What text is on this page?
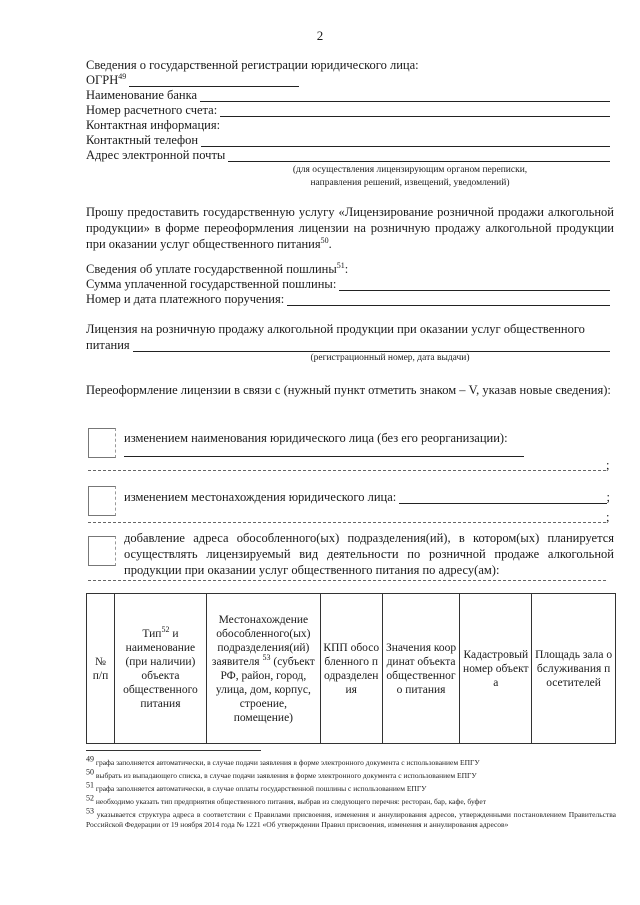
2
Сведения о государственной регистрации юридического лица:
ОГРН$^{49}$
Наименование банка
Номер расчетного счета:
Контактная информация:
Контактный телефон
Адрес электронной почты
(для осуществления лицензирующим органом переписки,
направления решений, извещений, уведомлений)
Прошу предоставить государственную услугу «Лицензирование розничной продажи алкогольной продукции» в форме переоформления лицензии на розничную продажу алкогольной продукции при оказании услуг общественного питания$^{50}$.
Сведения об уплате государственной пошлины$^{51}$:
Сумма уплаченной государственной пошлины:
Номер и дата платежного поручения:
Лицензия на розничную продажу алкогольной продукции при оказании услуг общественного
питания
(регистрационный номер, дата выдачи)
Переоформление лицензии в связи с (нужный пункт отметить знаком – V, указав новые сведения):
изменением наименования юридического лица (без его реорганизации):
;
изменением местонахождения юридического лица:	;
;
добавление адреса обособленного(ых) подразделения(ий), в котором(ых) планируется осуществлять лицензируемый вид деятельности по розничной продаже алкогольной продукции при оказании услуг общественного питания по адресу(ам):
№ п/п	Тип$^{52}$ и наименование (при наличии) объекта общественного питания	Местонахождение обособленного(ых) подразделения(ий) заявителя $^{53}$ (субъект РФ, район, город, улица, дом, корпус, строение, помещение)	КПП обособленного подразделения	Значения координат объекта общественного питания	Кадастровый номер объекта	Площадь зала обслуживания посетителей
$^{49}$ графа заполняется автоматически, в случае подачи заявления в форме электронного документа с использованием ЕПГУ
$^{50}$ выбрать из выпадающего списка, в случае подачи заявления в форме электронного документа с использованием ЕПГУ
$^{51}$ графа заполняется автоматически, в случае оплаты государственной пошлины с использованием ЕПГУ
$^{52}$ необходимо указать тип предприятия общественного питания, выбрав из следующего перечня: ресторан, бар, кафе, буфет
$^{53}$ указывается структура адреса в соответствии с Правилами присвоения, изменения и аннулирования адресов, утвержденными постановлением Правительства Российской Федерации от 19 ноября 2014 года № 1221 «Об утверждении Правил присвоения, изменения и аннулирования адресов»
